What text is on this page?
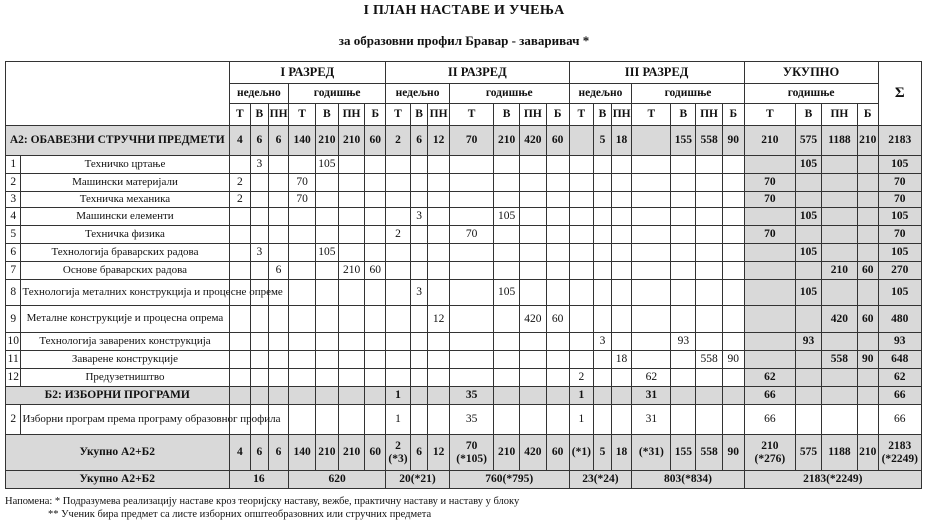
I ПЛАН НАСТАВЕ И УЧЕЊА
за образовни профил Бравар - заваривач *
		I РАЗРЕД							II РАЗРЕД							III РАЗРЕД							УКУПНО				Σ
		недељно			годишње				недељно			годишње				недељно			годишње				годишње				
		Т	В	ПН	Т	В	ПН	Б	Т	В	ПН	Т	В	ПН	Б	Т	В	ПН	Т	В	ПН	Б	Т	В	ПН	Б	
А2: ОБАВЕЗНИ СТРУЧНИ ПРЕДМЕТИ		4	6	6	140	210	210	60	2	6	12	70	210	420	60		5	18		155	558	90	210	575	1188	210	2183
1	Техничко цртање		3			105																		105			105
2	Машински материјали	2			70																		70				70
3	Техничка механика	2			70																		70				70
4	Машински елементи									3			105											105			105
5	Техничка физика								2			70											70				70
6	Технологија браварских радова		3			105																		105			105
7	Основе браварских радова			6			210	60																	210	60	270
8	Технологија металних конструкција и процесне опреме									3			105											105			105
9	Металне конструкције и процесна опрема										12			420	60										420	60	480
10	Технологија заварених конструкција																3			93				93			93
11	Заварене конструкције																	18			558	90			558	90	648
12	Предузетништво															2			62				62				62
Б2: ИЗБОРНИ ПРОГРАМИ									1			35				1			31				66				66
2	Изборни програм према програму образовног профила								1			35				1			31				66				66
Укупно А2+Б2		4	6	6	140	210	210	60	2 (*3)	6	12	70 (*105)	210	420	60	(*1)	5	18	(*31)	155	558	90	210 (*276)	575	1188	210	2183 (*2249)
Укупно А2+Б2		16			620				20(*21)			760(*795)				23(*24)			803(*834)				2183(*2249)				
Напомена: * Подразумева реализацију наставе кроз теоријску наставу, вежбе, практичну наставу и наставу у блоку
** Ученик бира предмет са листе изборних општеобразовних или стручних предмета
